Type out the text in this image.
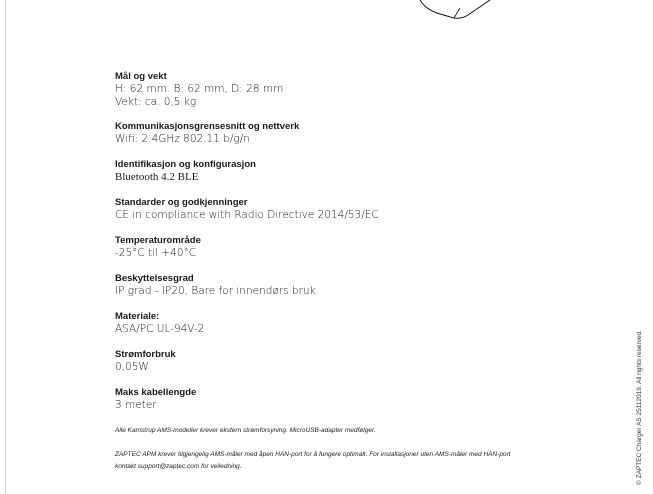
Mål og vekt
H: 62 mm. B: 62 mm, D: 28 mm
Vekt: ca. 0,5 kg
Kommunikasjonsgrensesnitt og nettverk
Wifi: 2.4GHz 802.11 b/g/n
Identifikasjon og konfigurasjon
Bluetooth 4.2 BLE
Standarder og godkjenninger
CE in compliance with Radio Directive 2014/53/EC
Temperaturområde
-25°C til +40°C
Beskyttelsesgrad
IP grad - IP20, Bare for innendørs bruk
Materiale:
ASA/PC UL-94V-2
Strømforbruk
0,05W
Maks kabellengde
3 meter
Alle Kamstrup AMS-modeller krever ekstern strømforsyning. MicroUSB-adapter medfølger.
ZAPTEC APM krever tilgjengelig AMS-måler med åpen HAN-port for å fungere optimalt. For installasjoner uten AMS-måler med HAN-port
kontakt support@zaptec.com for veiledning.	© ZAPTEC Charger AS 25112019. All rights reserved.
